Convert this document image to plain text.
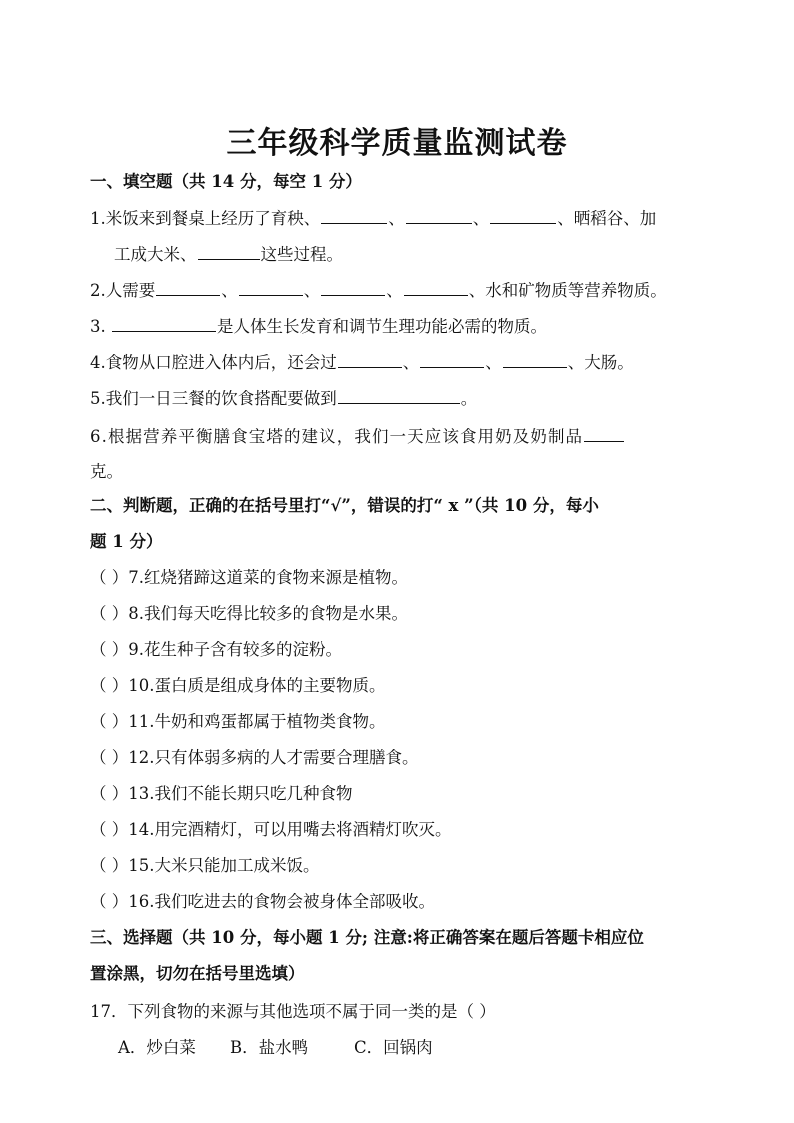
三年级科学质量监测试卷
一、填空题（共 14 分，每空 1 分）
1.米饭来到餐桌上经历了育秧、	、	、	、晒稻谷、加
工成大米、	这些过程。
2.人需要	、	、	、	、水和矿物质等营养物质。
3.	是人体生长发育和调节生理功能必需的物质。
4.食物从口腔进入体内后，还会过	、	、	、大肠。
5.我们一日三餐的饮食搭配要做到	。
6.根据营养平衡膳食宝塔的建议，我们一天应该食用奶及奶制品
克。
二、判断题，正确的在括号里打“√”，错误的打“ x ”（共 10 分，每小
题 1 分）
（ ）7.红烧猪蹄这道菜的食物来源是植物。
（ ）8.我们每天吃得比较多的食物是水果。
（ ）9.花生种子含有较多的淀粉。
（ ）10.蛋白质是组成身体的主要物质。
（ ）11.牛奶和鸡蛋都属于植物类食物。
（ ）12.只有体弱多病的人才需要合理膳食。
（ ）13.我们不能长期只吃几种食物
（ ）14.用完酒精灯，可以用嘴去将酒精灯吹灭。
（ ）15.大米只能加工成米饭。
（ ）16.我们吃进去的食物会被身体全部吸收。
三、选择题（共 10 分，每小题 1 分; 注意:将正确答案在题后答题卡相应位
置涂黑，切勿在括号里选填）
17．下列食物的来源与其他选项不属于同一类的是（ ）
A．炒白菜 B．盐水鸭	C．回锅肉
